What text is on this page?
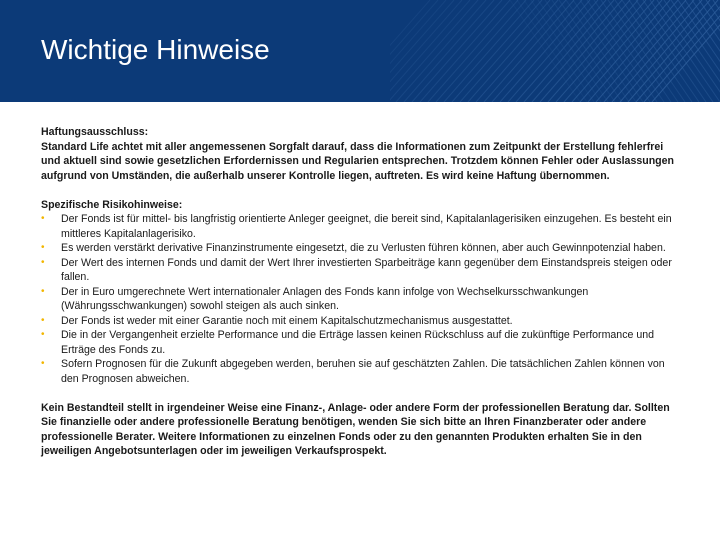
Wichtige Hinweise

Haftungsausschluss:

Standard Life achtet mit aller angemessenen Sorgfalt darauf, dass die Informationen zum Zeitpunkt der Erstellung fehlerfrei und aktuell sind sowie gesetzlichen Erfordernissen und Regularien entsprechen. Trotzdem können Fehler oder Auslassungen aufgrund von Umständen, die außerhalb unserer Kontrolle liegen, auftreten. Es wird keine Haftung übernommen.

Spezifische Risikohinweise:

• Der Fonds ist für mittel- bis langfristig orientierte Anleger geeignet, die bereit sind, Kapitalanlagerisiken einzugehen. Es besteht ein mittleres Kapitalanlagerisiko.
• Es werden verstärkt derivative Finanzinstrumente eingesetzt, die zu Verlusten führen können, aber auch Gewinnpotenzial haben.
• Der Wert des internen Fonds und damit der Wert Ihrer investierten Sparbeiträge kann gegenüber dem Einstandspreis steigen oder fallen.
• Der in Euro umgerechnete Wert internationaler Anlagen des Fonds kann infolge von Wechselkursschwankungen (Währungsschwankungen) sowohl steigen als auch sinken.
• Der Fonds ist weder mit einer Garantie noch mit einem Kapitalschutzmechanismus ausgestattet.
• Die in der Vergangenheit erzielte Performance und die Erträge lassen keinen Rückschluss auf die zukünftige Performance und Erträge des Fonds zu.
• Sofern Prognosen für die Zukunft abgegeben werden, beruhen sie auf geschätzten Zahlen. Die tatsächlichen Zahlen können von den Prognosen abweichen.

Kein Bestandteil stellt in irgendeiner Weise eine Finanz-, Anlage- oder andere Form der professionellen Beratung dar. Sollten Sie finanzielle oder andere professionelle Beratung benötigen, wenden Sie sich bitte an Ihren Finanzberater oder andere professionelle Berater. Weitere Informationen zu einzelnen Fonds oder zu den genannten Produkten erhalten Sie in den jeweiligen Angebotsunterlagen oder im jeweiligen Verkaufsprospekt.
